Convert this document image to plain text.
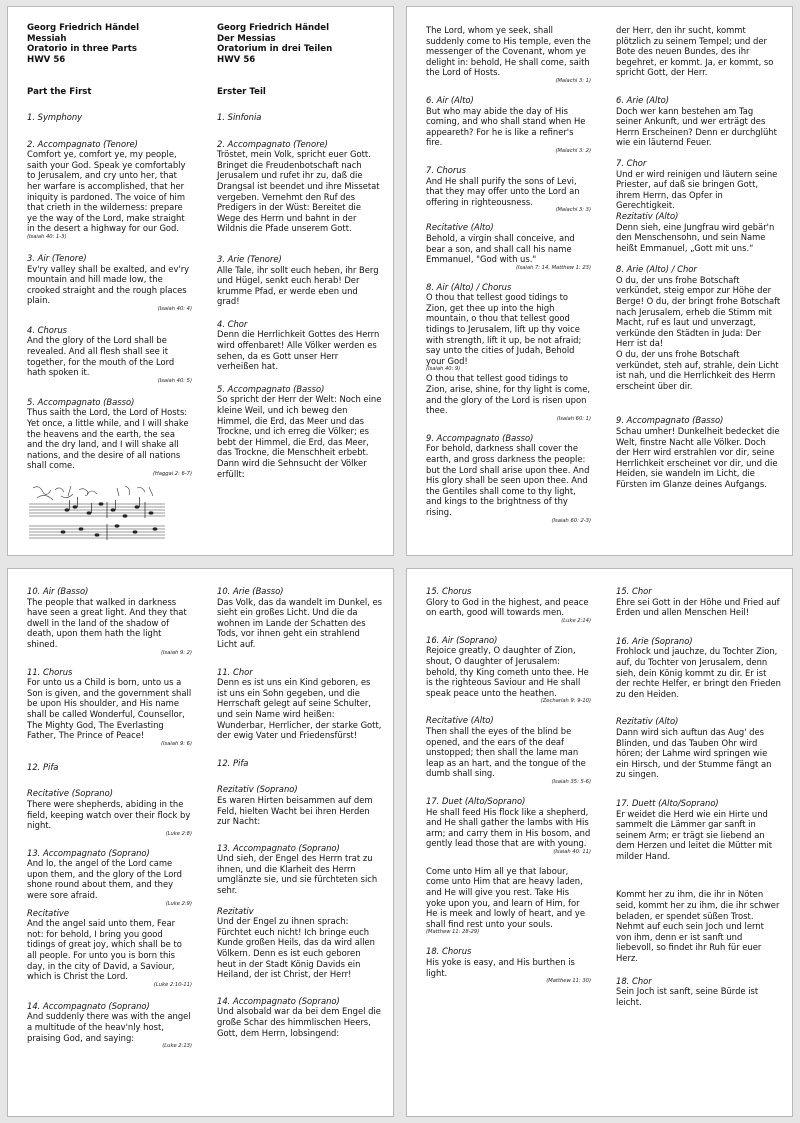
Georg Friedrich Händel
Messiah
Oratorio in three Parts
HWV 56
Part the First
1. Symphony
2. Accompagnato (Tenore)
Comfort ye, comfort ye, my people, saith your God. Speak ye comfortably to Jerusalem, and cry unto her, that her warfare is accomplished, that her iniquity is pardoned. The voice of him that crieth in the wilderness: prepare ye the way of the Lord, make straight in the desert a highway for our God.
(Isaiah 40: 1-3)
3. Air (Tenore)
Ev'ry valley shall be exalted, and ev'ry mountain and hill made low, the crooked straight and the rough places plain.
(Isaiah 40: 4)
4. Chorus
And the glory of the Lord shall be revealed. And all flesh shall see it together, for the mouth of the Lord hath spoken it.
(Isaiah 40: 5)
5. Accompagnato (Basso)
Thus saith the Lord, the Lord of Hosts: Yet once, a little while, and I will shake the heavens and the earth, the sea and the dry land, and I will shake all nations, and the desire of all nations shall come.
(Haggai 2: 6-7)
Georg Friedrich Händel
Der Messias
Oratorium in drei Teilen
HWV 56
Erster Teil
1. Sinfonia
2. Accompagnato (Tenore)
Tröstet, mein Volk, spricht euer Gott. Bringet die Freudenbotschaft nach Jerusalem und rufet ihr zu, daß die Drangsal ist beendet und ihre Missetat vergeben. Vernehmt den Ruf des Predigers in der Wüst: Bereitet die Wege des Herrn und bahnt in der Wildnis die Pfade unserem Gott.
3. Arie (Tenore)
Alle Tale, ihr sollt euch heben, ihr Berg und Hügel, senkt euch herab! Der krumme Pfad, er werde eben und grad!
4. Chor
Denn die Herrlichkeit Gottes des Herrn wird offenbaret! Alle Völker werden es sehen, da es Gott unser Herr verheißen hat.
5. Accompagnato (Basso)
So spricht der Herr der Welt: Noch eine kleine Weil, und ich beweg den Himmel, die Erd, das Meer und das Trockne, und ich erreg die Völker; es bebt der Himmel, die Erd, das Meer, das Trockne, die Menschheit erbebt. Dann wird die Sehnsucht der Völker erfüllt:
The Lord, whom ye seek, shall suddenly come to His temple, even the messenger of the Covenant, whom ye delight in: behold, He shall come, saith the Lord of Hosts.
(Malachi 3: 1)
6. Air (Alto)
But who may abide the day of His coming, and who shall stand when He appeareth? For he is like a refiner's fire.
(Malachi 3: 2)
7. Chorus
And He shall purify the sons of Levi, that they may offer unto the Lord an offering in righteousness.
(Malachi 3: 3)
Recitative (Alto)
Behold, a virgin shall conceive, and bear a son, and shall call his name Emmanuel, "God with us."
(Isaiah 7: 14, Matthew 1: 23)
8. Air (Alto) / Chorus
O thou that tellest good tidings to Zion, get thee up into the high mountain, o thou that tellest good tidings to Jerusalem, lift up thy voice with strength, lift it up, be not afraid; say unto the cities of Judah, Behold your God!
(Isaiah 40: 9)
O thou that tellest good tidings to Zion, arise, shine, for thy light is come, and the glory of the Lord is risen upon thee.
(Isaiah 60: 1)
9. Accompagnato (Basso)
For behold, darkness shall cover the earth, and gross darkness the people: but the Lord shall arise upon thee. And His glory shall be seen upon thee. And the Gentiles shall come to thy light, and kings to the brightness of thy rising.
(Isaiah 60: 2-3)
der Herr, den ihr sucht, kommt plötzlich zu seinem Tempel; und der Bote des neuen Bundes, des ihr begehret, er kommt. Ja, er kommt, so spricht Gott, der Herr.
6. Arie (Alto)
Doch wer kann bestehen am Tag seiner Ankunft, und wer erträgt des Herrn Erscheinen? Denn er durchglüht wie ein läuternd Feuer.
7. Chor
Und er wird reinigen und läutern seine Priester, auf daß sie bringen Gott, ihrem Herrn, das Opfer in Gerechtigkeit.
Rezitativ (Alto)
Denn sieh, eine Jungfrau wird gebär'n den Menschensohn, und sein Name heißt Emmanuel, „Gott mit uns.“
8. Arie (Alto) / Chor
O du, der uns frohe Botschaft verkündet, steig empor zur Höhe der Berge! O du, der bringt frohe Botschaft nach Jerusalem, erheb die Stimm mit Macht, ruf es laut und unverzagt, verkünde den Städten in Juda: Der Herr ist da!
O du, der uns frohe Botschaft verkündet, steh auf, strahle, dein Licht ist nah, und die Herrlichkeit des Herrn erscheint über dir.
9. Accompagnato (Basso)
Schau umher! Dunkelheit bedecket die Welt, finstre Nacht alle Völker. Doch der Herr wird erstrahlen vor dir, seine Herrlichkeit erscheinet vor dir, und die Heiden, sie wandeln im Licht, die Fürsten im Glanze deines Aufgangs.
10. Air (Basso)
The people that walked in darkness have seen a great light. And they that dwell in the land of the shadow of death, upon them hath the light shined.
(Isaiah 9: 2)
11. Chorus
For unto us a Child is born, unto us a Son is given, and the government shall be upon His shoulder, and His name shall be called Wonderful, Counsellor, The Mighty God, The Everlasting Father, The Prince of Peace!
(Isaiah 9: 6)
12. Pifa
Recitative (Soprano)
There were shepherds, abiding in the field, keeping watch over their flock by night.
(Luke 2:8)
13. Accompagnato (Soprano)
And lo, the angel of the Lord came upon them, and the glory of the Lord shone round about them, and they were sore afraid.
(Luke 2:9)
Recitative
And the angel said unto them, Fear not: for behold, I bring you good tidings of great joy, which shall be to all people. For unto you is born this day, in the city of David, a Saviour, which is Christ the Lord.
(Luke 2:10-11)
14. Accompagnato (Soprano)
And suddenly there was with the angel a multitude of the heav'nly host, praising God, and saying:
(Luke 2:13)
10. Arie (Basso)
Das Volk, das da wandelt im Dunkel, es sieht ein großes Licht. Und die da wohnen im Lande der Schatten des Tods, vor ihnen geht ein strahlend Licht auf.
11. Chor
Denn es ist uns ein Kind geboren, es ist uns ein Sohn gegeben, und die Herrschaft gelegt auf seine Schulter, und sein Name wird heißen: Wunderbar, Herrlicher, der starke Gott, der ewig Vater und Friedensfürst!
12. Pifa
Rezitativ (Soprano)
Es waren Hirten beisammen auf dem Feld, hielten Wacht bei ihren Herden zur Nacht:
13. Accompagnato (Soprano)
Und sieh, der Engel des Herrn trat zu ihnen, und die Klarheit des Herrn umglänzte sie, und sie fürchteten sich sehr.
Rezitativ
Und der Engel zu ihnen sprach: Fürchtet euch nicht! Ich bringe euch Kunde großen Heils, das da wird allen Völkern. Denn es ist euch geboren heut in der Stadt König Davids ein Heiland, der ist Christ, der Herr!
14. Accompagnato (Soprano)
Und alsobald war da bei dem Engel die große Schar des himmlischen Heers, Gott, dem Herrn, lobsingend:
15. Chorus
Glory to God in the highest, and peace on earth, good will towards men.
(Luke 2:14)
16. Air (Soprano)
Rejoice greatly, O daughter of Zion, shout, O daughter of Jerusalem: behold, thy King cometh unto thee. He is the righteous Saviour and He shall speak peace unto the heathen.
(Zechariah 9: 9-10)
Recitative (Alto)
Then shall the eyes of the blind be opened, and the ears of the deaf unstopped; then shall the lame man leap as an hart, and the tongue of the dumb shall sing.
(Isaiah 35: 5-6)
17. Duet (Alto/Soprano)
He shall feed His flock like a shepherd, and He shall gather the lambs with His arm; and carry them in His bosom, and gently lead those that are with young.
(Isaiah 40: 11)
Come unto Him all ye that labour, come unto Him that are heavy laden, and He will give you rest. Take His yoke upon you, and learn of Him, for He is meek and lowly of heart, and ye shall find rest unto your souls.
(Matthew 11: 28-29)
18. Chorus
His yoke is easy, and His burthen is light.
(Matthew 11: 30)
15. Chor
Ehre sei Gott in der Höhe und Fried auf Erden und allen Menschen Heil!
16. Arie (Soprano)
Frohlock und jauchze, du Tochter Zion, auf, du Tochter von Jerusalem, denn sieh, dein König kommt zu dir. Er ist der rechte Helfer, er bringt den Frieden zu den Heiden.
Rezitativ (Alto)
Dann wird sich auftun das Aug' des Blinden, und das Tauben Ohr wird hören; der Lahme wird springen wie ein Hirsch, und der Stumme fängt an zu singen.
17. Duett (Alto/Soprano)
Er weidet die Herd wie ein Hirte und sammelt die Lämmer gar sanft in seinem Arm; er trägt sie liebend an dem Herzen und leitet die Mütter mit milder Hand.
Kommt her zu ihm, die ihr in Nöten seid, kommt her zu ihm, die ihr schwer beladen, er spendet süßen Trost. Nehmt auf euch sein Joch und lernt von ihm, denn er ist sanft und liebevoll, so findet ihr Ruh für euer Herz.
18. Chor
Sein Joch ist sanft, seine Bürde ist leicht.
